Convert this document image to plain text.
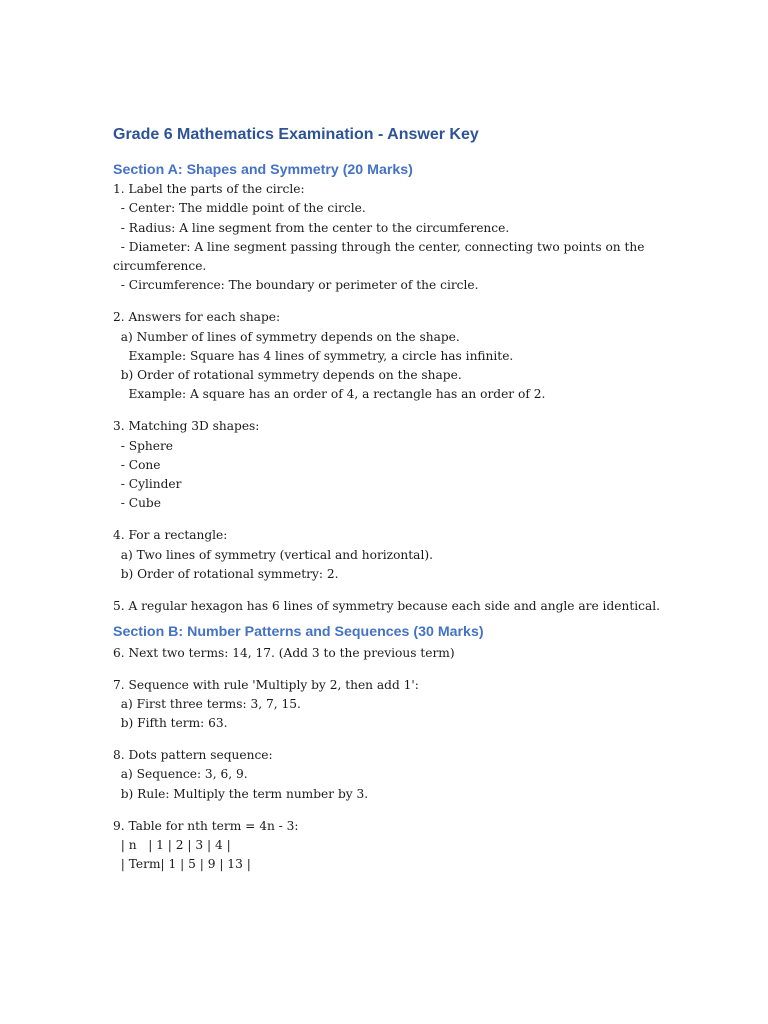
Grade 6 Mathematics Examination - Answer Key
Section A: Shapes and Symmetry (20 Marks)
1. Label the parts of the circle:
- Center: The middle point of the circle.
- Radius: A line segment from the center to the circumference.
- Diameter: A line segment passing through the center, connecting two points on the
circumference.
- Circumference: The boundary or perimeter of the circle.
2. Answers for each shape:
a) Number of lines of symmetry depends on the shape.
Example: Square has 4 lines of symmetry, a circle has infinite.
b) Order of rotational symmetry depends on the shape.
Example: A square has an order of 4, a rectangle has an order of 2.
3. Matching 3D shapes:
- Sphere
- Cone
- Cylinder
- Cube
4. For a rectangle:
a) Two lines of symmetry (vertical and horizontal).
b) Order of rotational symmetry: 2.
5. A regular hexagon has 6 lines of symmetry because each side and angle are identical.
Section B: Number Patterns and Sequences (30 Marks)
6. Next two terms: 14, 17. (Add 3 to the previous term)
7. Sequence with rule 'Multiply by 2, then add 1':
a) First three terms: 3, 7, 15.
b) Fifth term: 63.
8. Dots pattern sequence:
a) Sequence: 3, 6, 9.
b) Rule: Multiply the term number by 3.
9. Table for nth term = 4n - 3:
| n   | 1 | 2 | 3 | 4 |
| Term| 1 | 5 | 9 | 13 |
